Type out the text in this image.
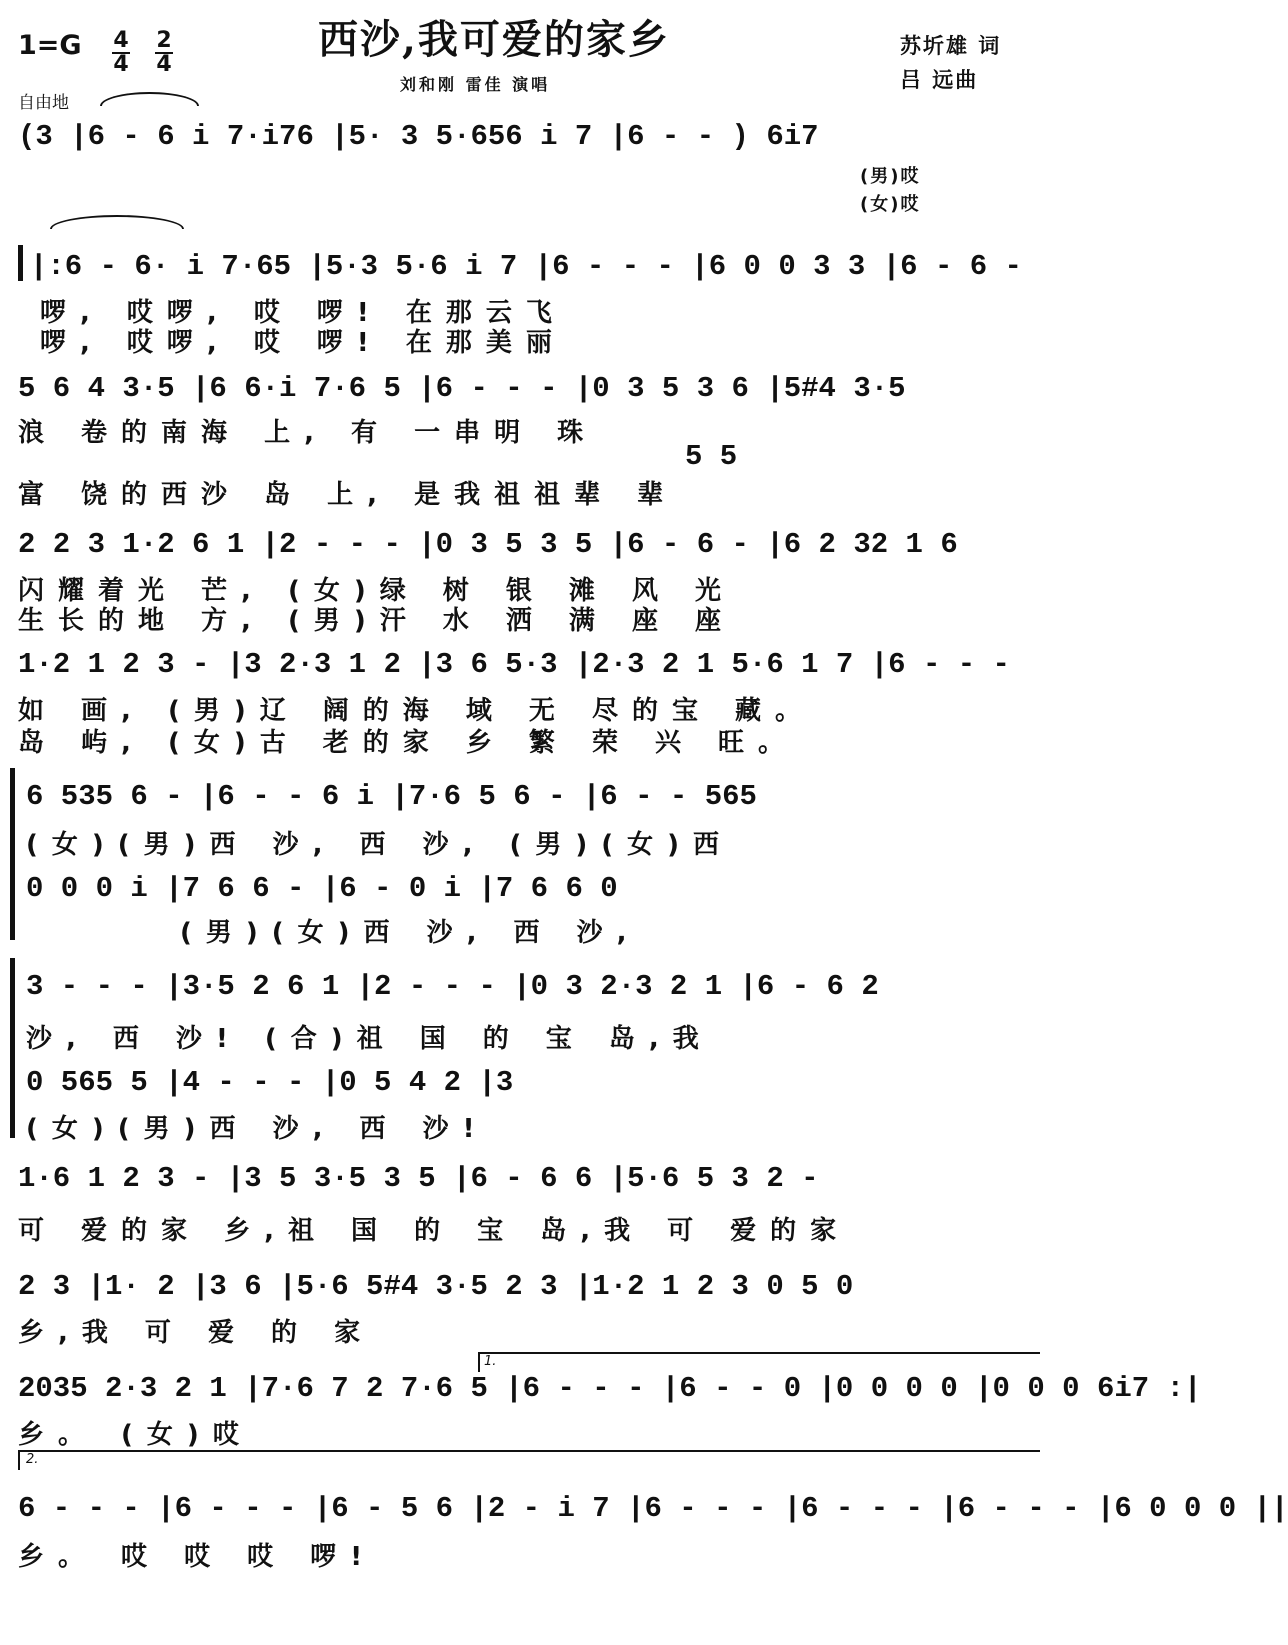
1=G 4
4
2
4
自由地
西沙,我可爱的家乡
刘和刚 雷佳 演唱
苏圻雄 词
吕 远曲
(3 |6 - 6 i 7·i76 |5· 3 5·656 i 7 |6 - - ) 6i7
(男)哎
(女)哎
|:6 - 6· i 7·65 |5·3 5·6 i 7 |6 - - - |6 0 0 3 3 |6 - 6 -
啰, 哎啰, 哎 啰! 在那云飞
啰, 哎啰, 哎 啰! 在那美丽
5 6 4 3·5 |6 6·i 7·6 5 |6 - - - |0 3 5 3 6 |5#4 3·5
5 5
浪 卷的南海 上, 有 一串明 珠
富 饶的西沙 岛 上, 是我祖祖辈 辈
2 2 3 1·2 6 1 |2 - - - |0 3 5 3 5 |6 - 6 - |6 2 32 1 6
闪耀着光 芒, (女)绿 树 银 滩 风 光
生长的地 方, (男)汗 水 洒 满 座 座
1·2 1 2 3 - |3 2·3 1 2 |3 6 5·3 |2·3 2 1 5·6 1 7 |6 - - -
如 画, (男)辽 阔的海 域 无 尽的宝 藏。
岛 屿, (女)古 老的家 乡 繁 荣 兴 旺。
6 535 6 - |6 - - 6 i |7·6 5 6 - |6 - - 565
(女)(男)西 沙, 西 沙, (男)(女)西
0 0 0 i |7 6 6 - |6 - 0 i |7 6 6 0
(男)(女)西 沙, 西 沙,
3 - - - |3·5 2 6 1 |2 - - - |0 3 2·3 2 1 |6 - 6 2
沙, 西 沙! (合)祖 国 的 宝 岛,我
0 565 5 |4 - - - |0 5 4 2 |3
(女)(男)西 沙, 西 沙!
1·6 1 2 3 - |3 5 3·5 3 5 |6 - 6 6 |5·6 5 3 2 -
可 爱的家 乡,祖 国 的 宝 岛,我 可 爱的家
2 3 |1· 2 |3 6 |5·6 5#4 3·5 2 3 |1·2 1 2 3 0 5 0
乡,我 可 爱 的 家
1.
2035 2·3 2 1 |7·6 7 2 7·6 5 |6 - - - |6 - - 0 |0 0 0 0 |0 0 0 6i7 :|
乡。 (女)哎
2.
6 - - - |6 - - - |6 - 5 6 |2 - i 7 |6 - - - |6 - - - |6 - - - |6 0 0 0 ||
乡。 哎 哎 哎 啰!
